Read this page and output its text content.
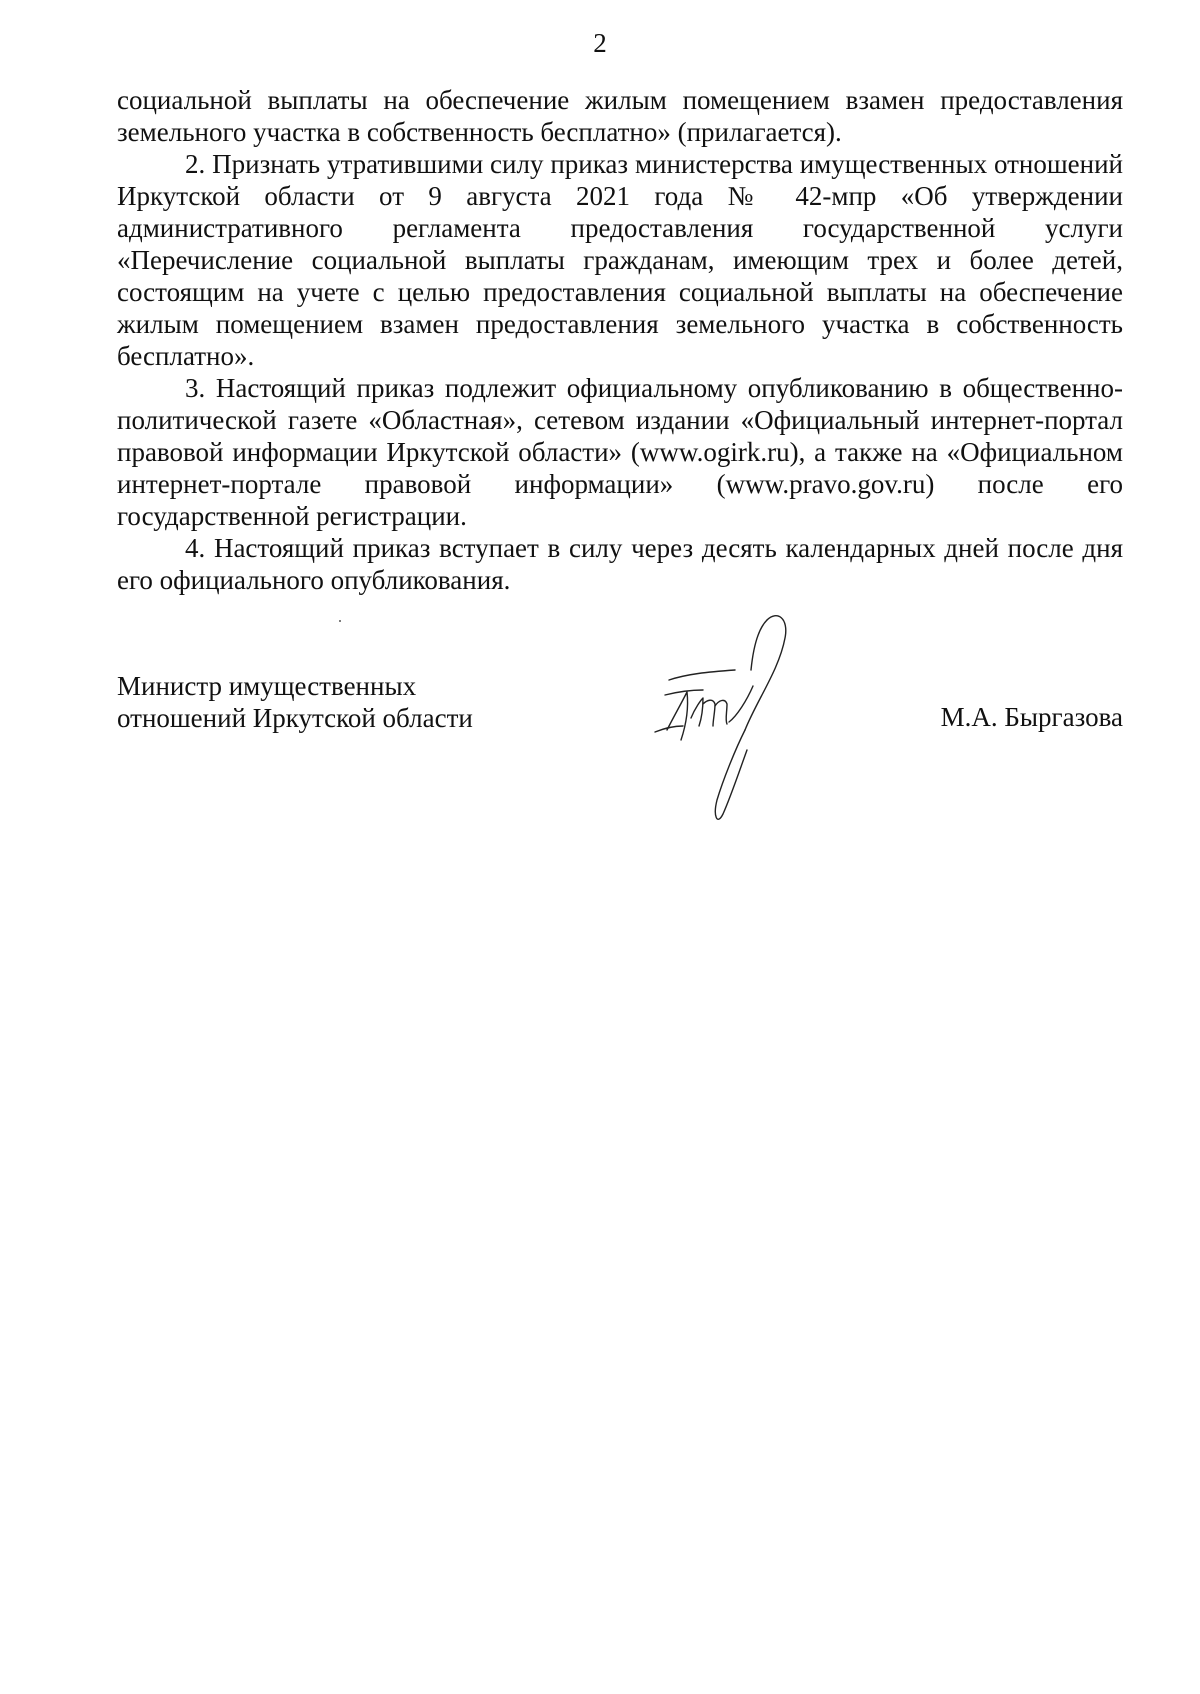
2

социальной выплаты на обеспечение жилым помещением взамен предоставления земельного участка в собственность бесплатно» (прилагается).

2. Признать утратившими силу приказ министерства имущественных отношений Иркутской области от 9 августа 2021 года № 42-мпр «Об утверждении административного регламента предоставления государственной услуги «Перечисление социальной выплаты гражданам, имеющим трех и более детей, состоящим на учете с целью предоставления социальной выплаты на обеспечение жилым помещением взамен предоставления земельного участка в собственность бесплатно».

3. Настоящий приказ подлежит официальному опубликованию в общественно-политической газете «Областная», сетевом издании «Официальный интернет-портал правовой информации Иркутской области» (www.ogirk.ru), а также на «Официальном интернет-портале правовой информации» (www.pravo.gov.ru) после его государственной регистрации.

4. Настоящий приказ вступает в силу через десять календарных дней после дня его официального опубликования.

Министр имущественных
отношений Иркутской области	М.А. Быргазова
